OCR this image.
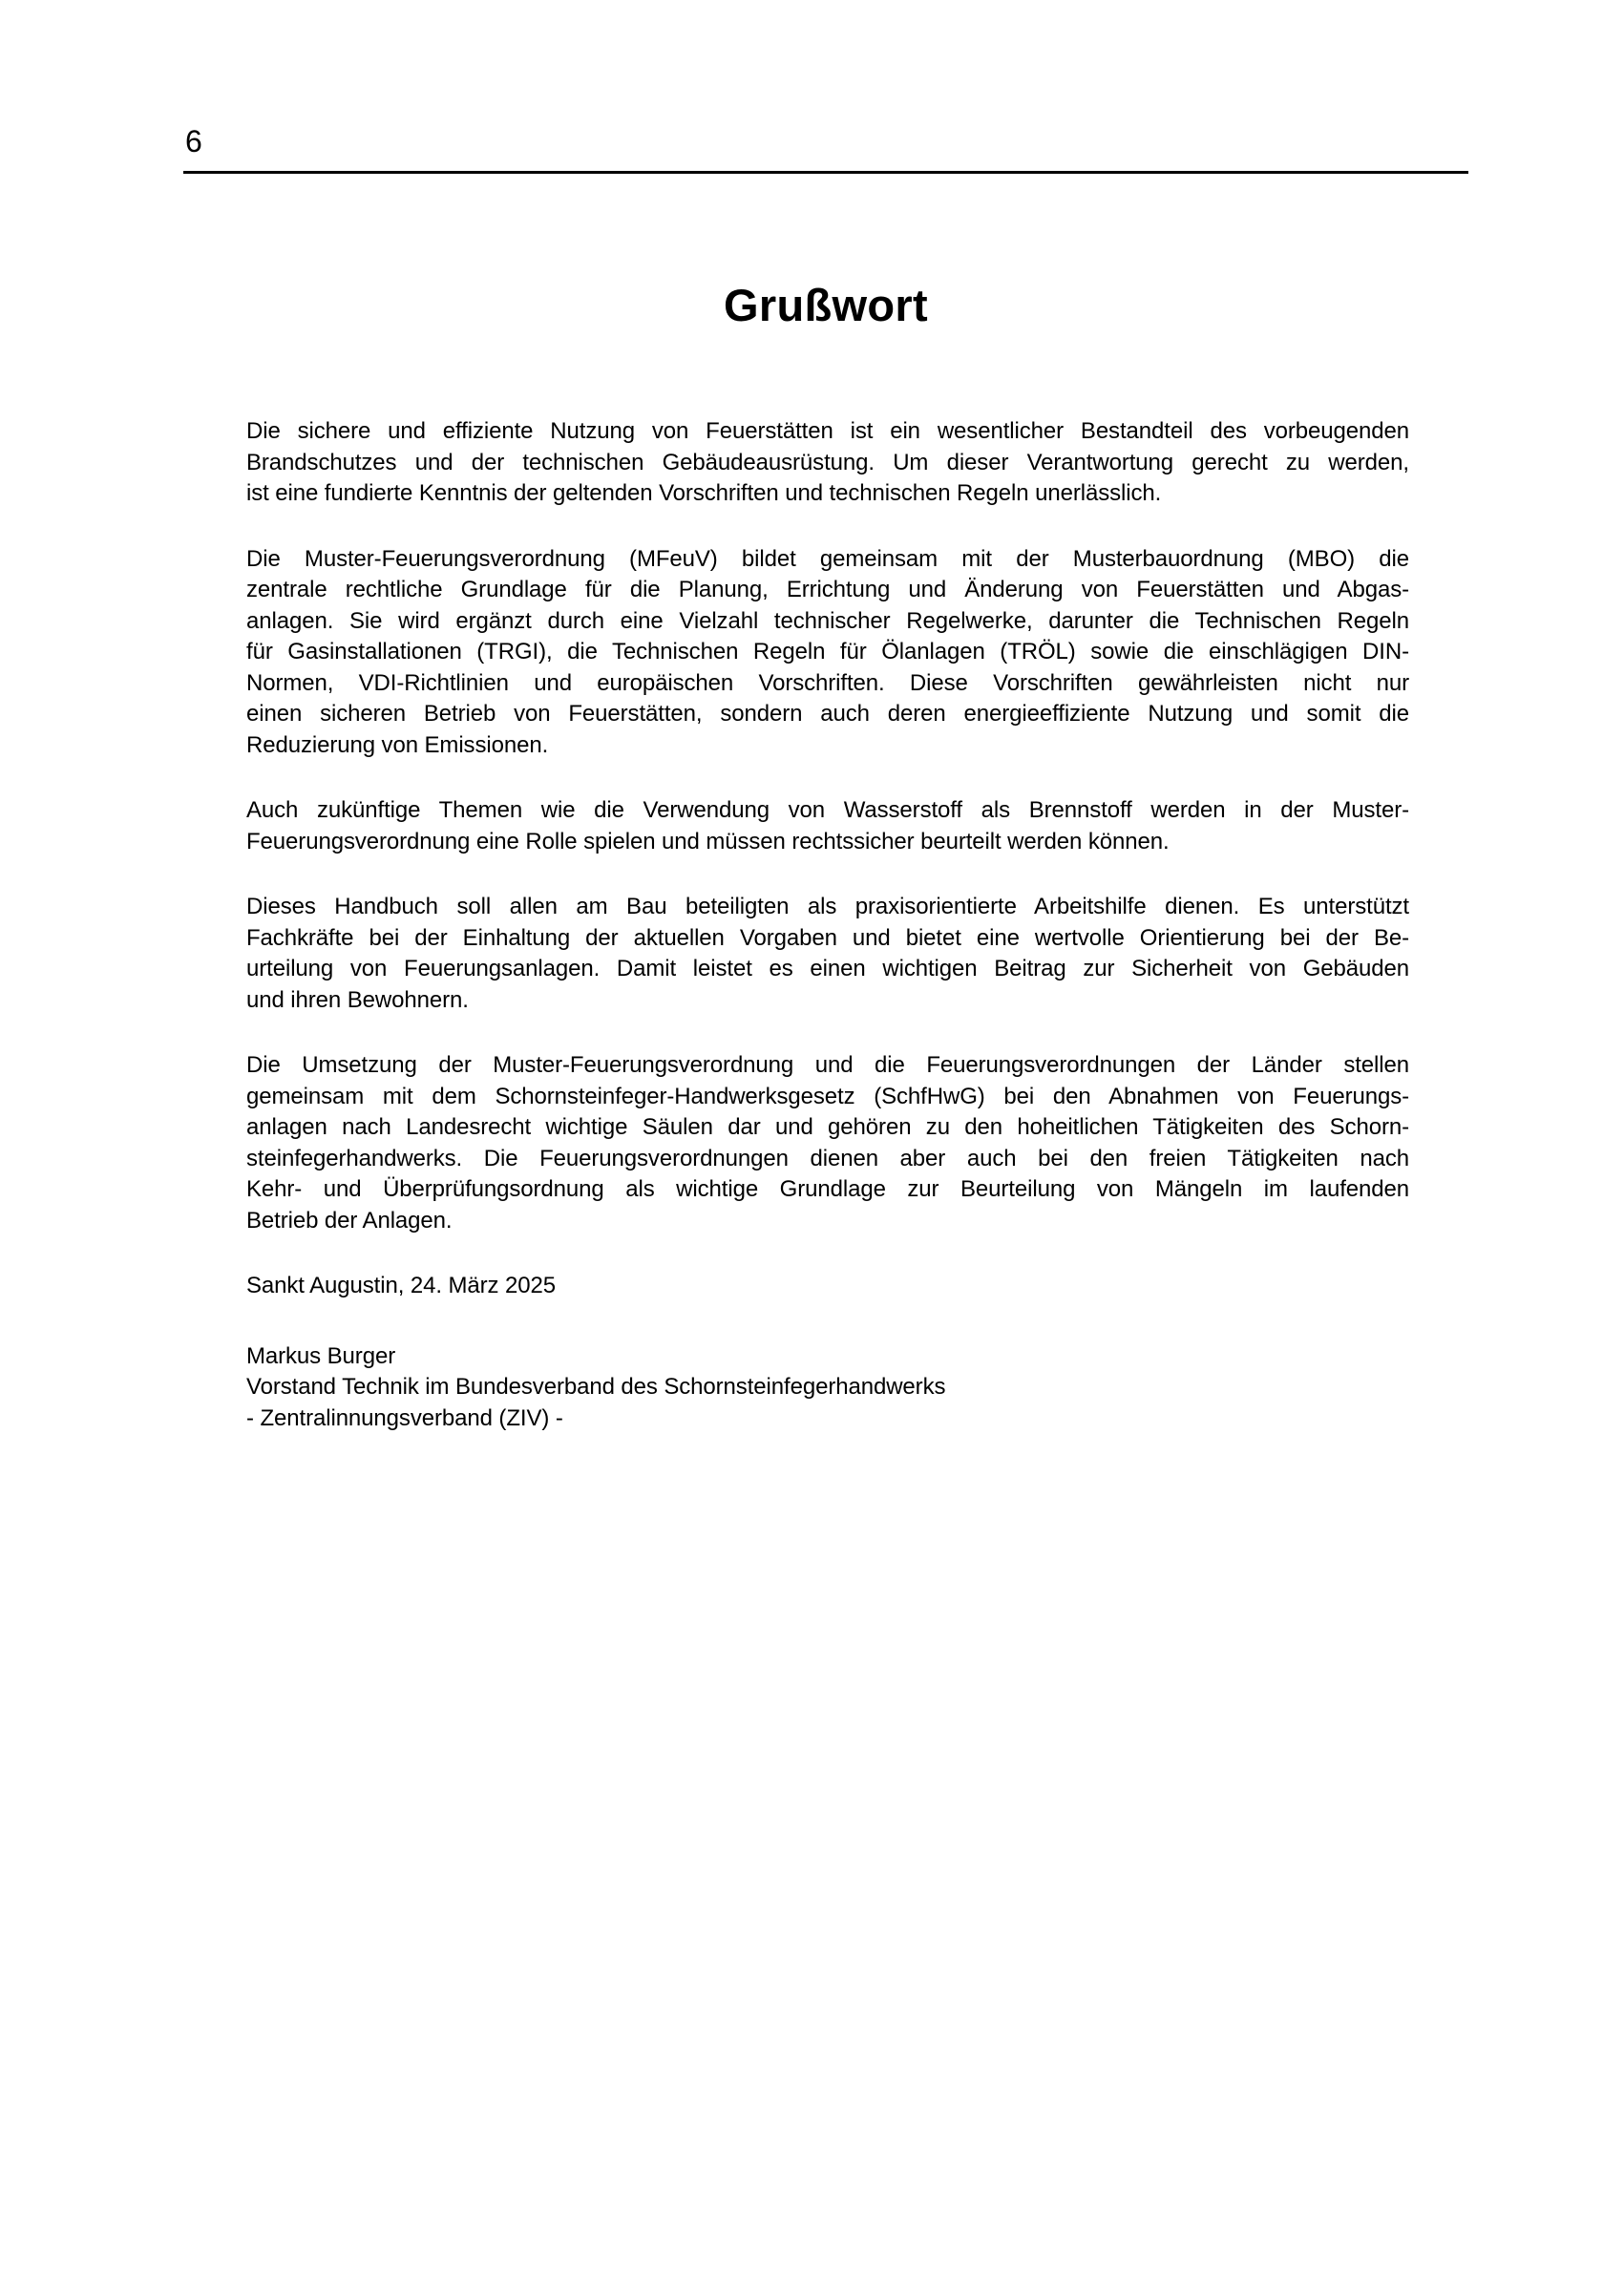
6
Grußwort
Die sichere und effiziente Nutzung von Feuerstätten ist ein wesentlicher Bestandteil des vorbeugenden
Brandschutzes und der technischen Gebäudeausrüstung. Um dieser Verantwortung gerecht zu werden,
ist eine fundierte Kenntnis der geltenden Vorschriften und technischen Regeln unerlässlich.
Die Muster-Feuerungsverordnung (MFeuV) bildet gemeinsam mit der Musterbauordnung (MBO) die
zentrale rechtliche Grundlage für die Planung, Errichtung und Änderung von Feuerstätten und Abgas-
anlagen. Sie wird ergänzt durch eine Vielzahl technischer Regelwerke, darunter die Technischen Regeln
für Gasinstallationen (TRGI), die Technischen Regeln für Ölanlagen (TRÖL) sowie die einschlägigen DIN-
Normen, VDI-Richtlinien und europäischen Vorschriften. Diese Vorschriften gewährleisten nicht nur
einen sicheren Betrieb von Feuerstätten, sondern auch deren energieeffiziente Nutzung und somit die
Reduzierung von Emissionen.
Auch zukünftige Themen wie die Verwendung von Wasserstoff als Brennstoff werden in der Muster-
Feuerungsverordnung eine Rolle spielen und müssen rechtssicher beurteilt werden können.
Dieses Handbuch soll allen am Bau beteiligten als praxisorientierte Arbeitshilfe dienen. Es unterstützt
Fachkräfte bei der Einhaltung der aktuellen Vorgaben und bietet eine wertvolle Orientierung bei der Be-
urteilung von Feuerungsanlagen. Damit leistet es einen wichtigen Beitrag zur Sicherheit von Gebäuden
und ihren Bewohnern.
Die Umsetzung der Muster-Feuerungsverordnung und die Feuerungsverordnungen der Länder stellen
gemeinsam mit dem Schornsteinfeger-Handwerksgesetz (SchfHwG) bei den Abnahmen von Feuerungs-
anlagen nach Landesrecht wichtige Säulen dar und gehören zu den hoheitlichen Tätigkeiten des Schorn-
steinfegerhandwerks. Die Feuerungsverordnungen dienen aber auch bei den freien Tätigkeiten nach
Kehr- und Überprüfungsordnung als wichtige Grundlage zur Beurteilung von Mängeln im laufenden
Betrieb der Anlagen.
Sankt Augustin, 24. März 2025
Markus Burger
Vorstand Technik im Bundesverband des Schornsteinfegerhandwerks
- Zentralinnungsverband (ZIV) -
